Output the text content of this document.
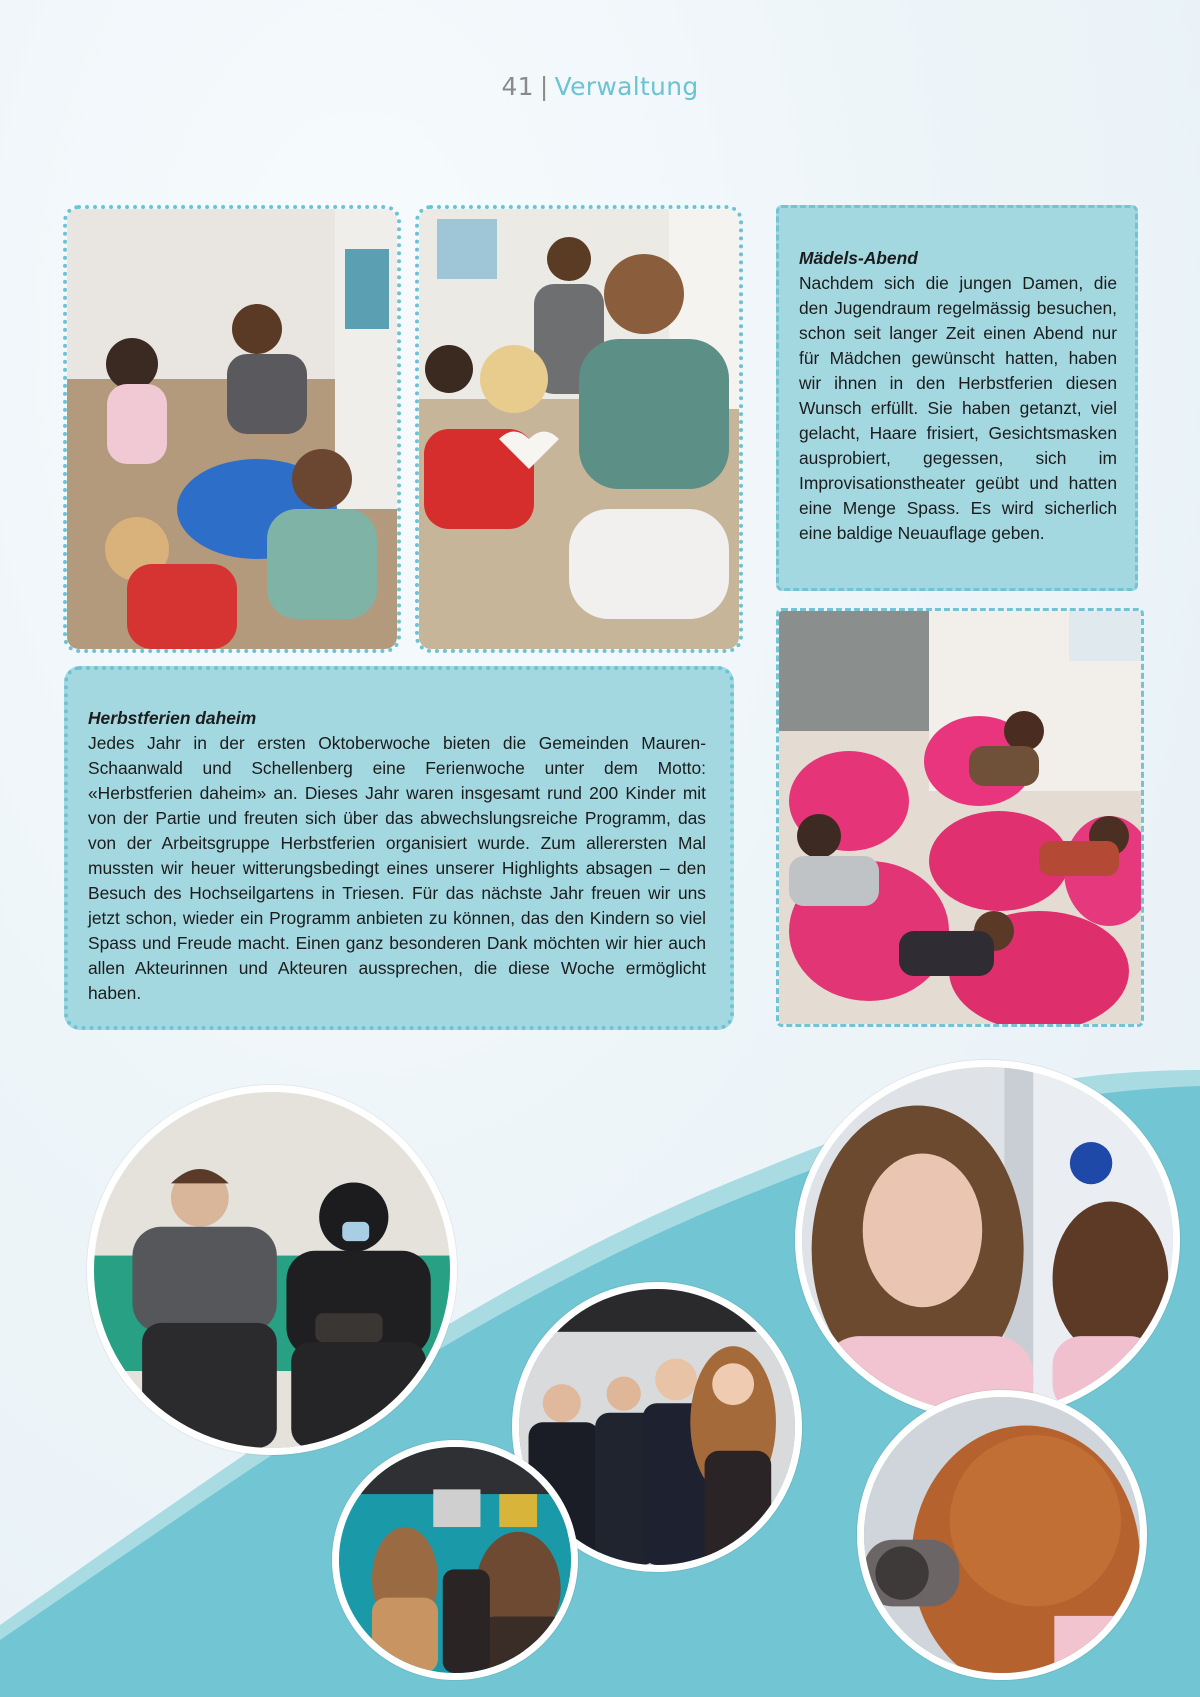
41 | Verwaltung
Mädels-Abend

Nachdem sich die jungen Damen, die den Jugendraum regelmässig besuchen, schon seit langer Zeit einen Abend nur für Mädchen gewünscht hatten, haben wir ihnen in den Herbstferien diesen Wunsch erfüllt. Sie haben getanzt, viel gelacht, Haare frisiert, Gesichtsmasken ausprobiert, gegessen, sich im Improvisationstheater geübt und hatten eine Menge Spass. Es wird sicherlich eine baldige Neuauflage geben.

Herbstferien daheim

Jedes Jahr in der ersten Oktoberwoche bieten die Gemeinden Mauren-Schaanwald und Schellenberg eine Ferienwoche unter dem Motto: «Herbstferien daheim» an. Dieses Jahr waren insgesamt rund 200 Kinder mit von der Partie und freuten sich über das abwechslungsreiche Programm, das von der Arbeitsgruppe Herbstferien organisiert wurde. Zum allerersten Mal mussten wir heuer witterungsbedingt eines unserer Highlights absagen – den Besuch des Hochseilgartens in Triesen. Für das nächste Jahr freuen wir uns jetzt schon, wieder ein Programm anbieten zu können, das den Kindern so viel Spass und Freude macht. Einen ganz besonderen Dank möchten wir hier auch allen Akteurinnen und Akteuren aussprechen, die diese Woche ermöglicht haben.
